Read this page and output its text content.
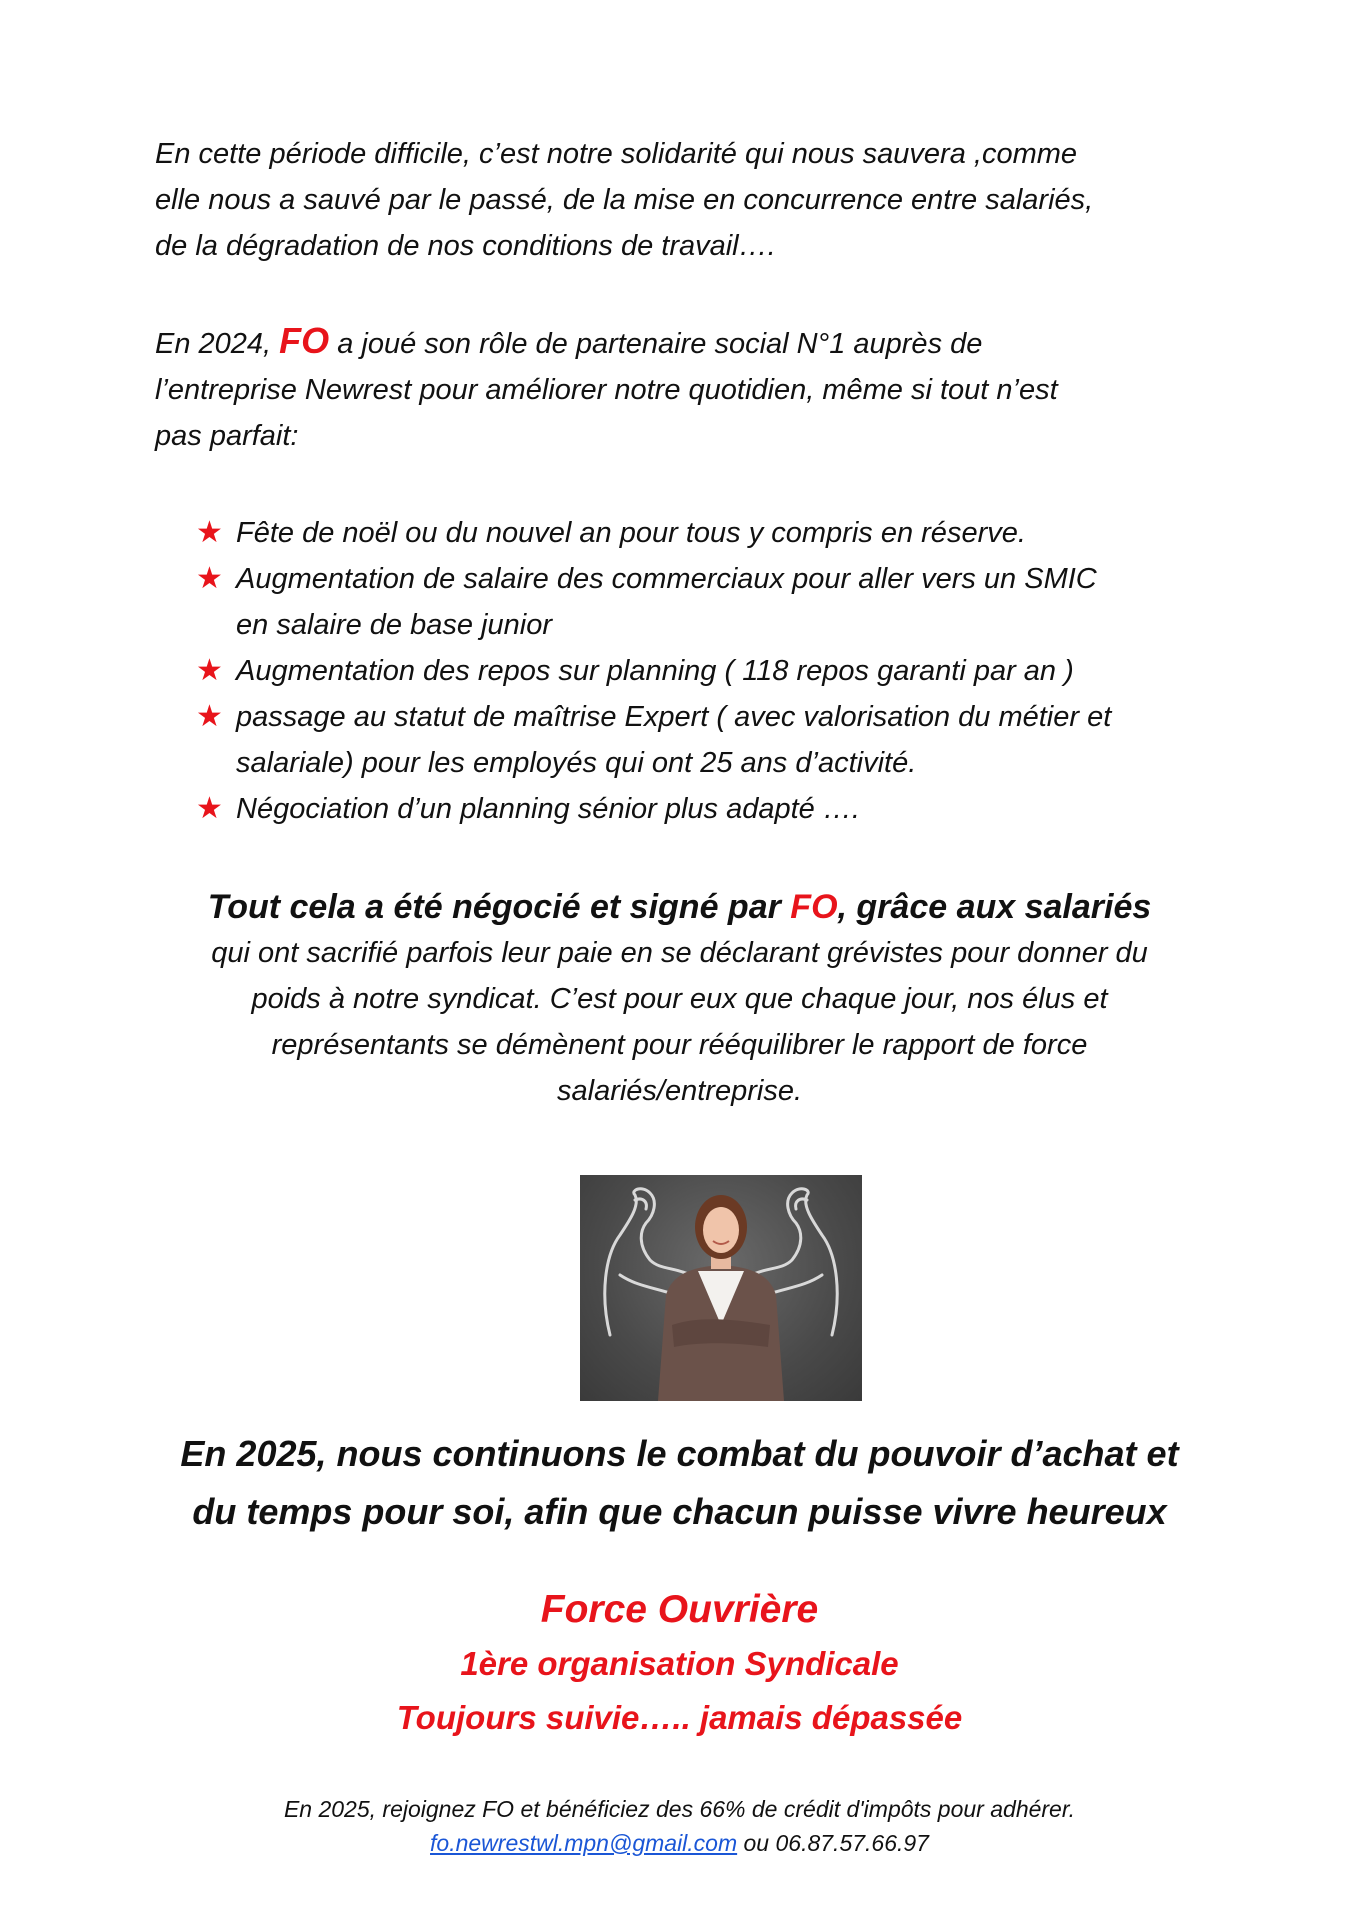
En cette période difficile, c’est notre solidarité qui nous sauvera ,comme
elle nous a sauvé par le passé, de la mise en concurrence entre salariés,
de la dégradation de nos conditions de travail….

En 2024, FO a joué son rôle de partenaire social N°1 auprès de
l’entreprise Newrest pour améliorer notre quotidien, même si tout n’est
pas parfait:

★ Fête de noël ou du nouvel an pour tous y compris en réserve.
★ Augmentation de salaire des commerciaux pour aller vers un SMIC
en salaire de base junior
★ Augmentation des repos sur planning ( 118 repos garanti par an )
★ passage au statut de maîtrise Expert ( avec valorisation du métier et
salariale) pour les employés qui ont 25 ans d’activité.
★ Négociation d’un planning sénior plus adapté ….
Tout cela a été négocié et signé par FO, grâce aux salariés
qui ont sacrifié parfois leur paie en se déclarant grévistes pour donner du
poids à notre syndicat. C’est pour eux que chaque jour, nos élus et
représentants se démènent pour rééquilibrer le rapport de force
salariés/entreprise.
En 2025, nous continuons le combat du pouvoir d’achat et
du temps pour soi, afin que chacun puisse vivre heureux
Force Ouvrière
1ère organisation Syndicale
Toujours suivie….. jamais dépassée
En 2025, rejoignez FO et bénéficiez des 66% de crédit d'impôts pour adhérer.
fo.newrestwl.mpn@gmail.com ou 06.87.57.66.97
